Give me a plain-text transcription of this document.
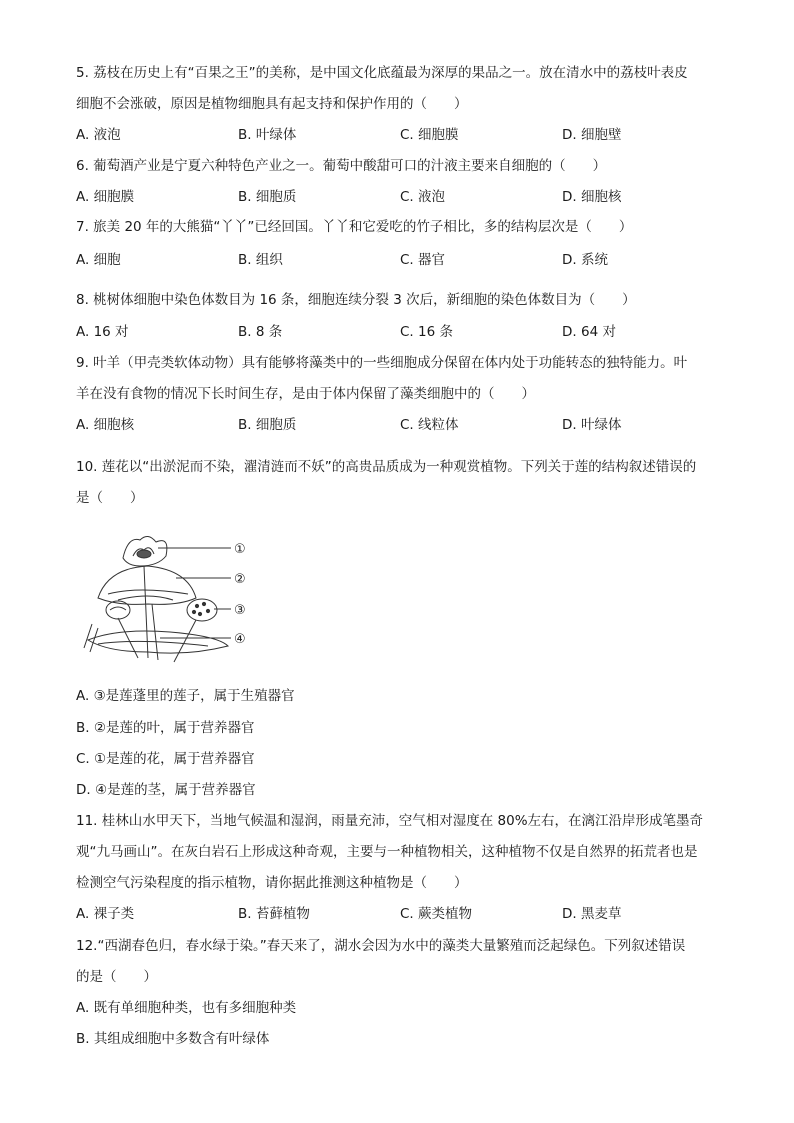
5. 荔枝在历史上有“百果之王”的美称，是中国文化底蕴最为深厚的果品之一。放在清水中的荔枝叶表皮
细胞不会涨破，原因是植物细胞具有起支持和保护作用的（　　）
A. 液泡	B. 叶绿体	C. 细胞膜	D. 细胞壁
6. 葡萄酒产业是宁夏六种特色产业之一。葡萄中酸甜可口的汁液主要来自细胞的（　　）
A. 细胞膜	B. 细胞质	C. 液泡	D. 细胞核
7. 旅美 20 年的大熊猫“丫丫”已经回国。丫丫和它爱吃的竹子相比，多的结构层次是（　　）
A. 细胞	B. 组织	C. 器官	D. 系统
8. 桃树体细胞中染色体数目为 16 条，细胞连续分裂 3 次后，新细胞的染色体数目为（　　）
A. 16 对	B. 8 条	C. 16 条	D. 64 对
9. 叶羊（甲壳类软体动物）具有能够将藻类中的一些细胞成分保留在体内处于功能转态的独特能力。叶
羊在没有食物的情况下长时间生存，是由于体内保留了藻类细胞中的（　　）
A. 细胞核	B. 细胞质	C. 线粒体	D. 叶绿体
10. 莲花以“出淤泥而不染，濯清涟而不妖”的高贵品质成为一种观赏植物。下列关于莲的结构叙述错误的
是（　　）
①
②
③
④
A. ③是莲蓬里的莲子，属于生殖器官
B. ②是莲的叶，属于营养器官
C. ①是莲的花，属于营养器官
D. ④是莲的茎，属于营养器官
11. 桂林山水甲天下，当地气候温和湿润，雨量充沛，空气相对湿度在 80%左右，在漓江沿岸形成笔墨奇
观“九马画山”。在灰白岩石上形成这种奇观，主要与一种植物相关，这种植物不仅是自然界的拓荒者也是
检测空气污染程度的指示植物，请你据此推测这种植物是（　　）
A. 裸子类	B. 苔藓植物	C. 蕨类植物	D. 黑麦草
12.“西湖春色归，春水绿于染。”春天来了，湖水会因为水中的藻类大量繁殖而泛起绿色。下列叙述错误
的是（　　）
A. 既有单细胞种类，也有多细胞种类
B. 其组成细胞中多数含有叶绿体
